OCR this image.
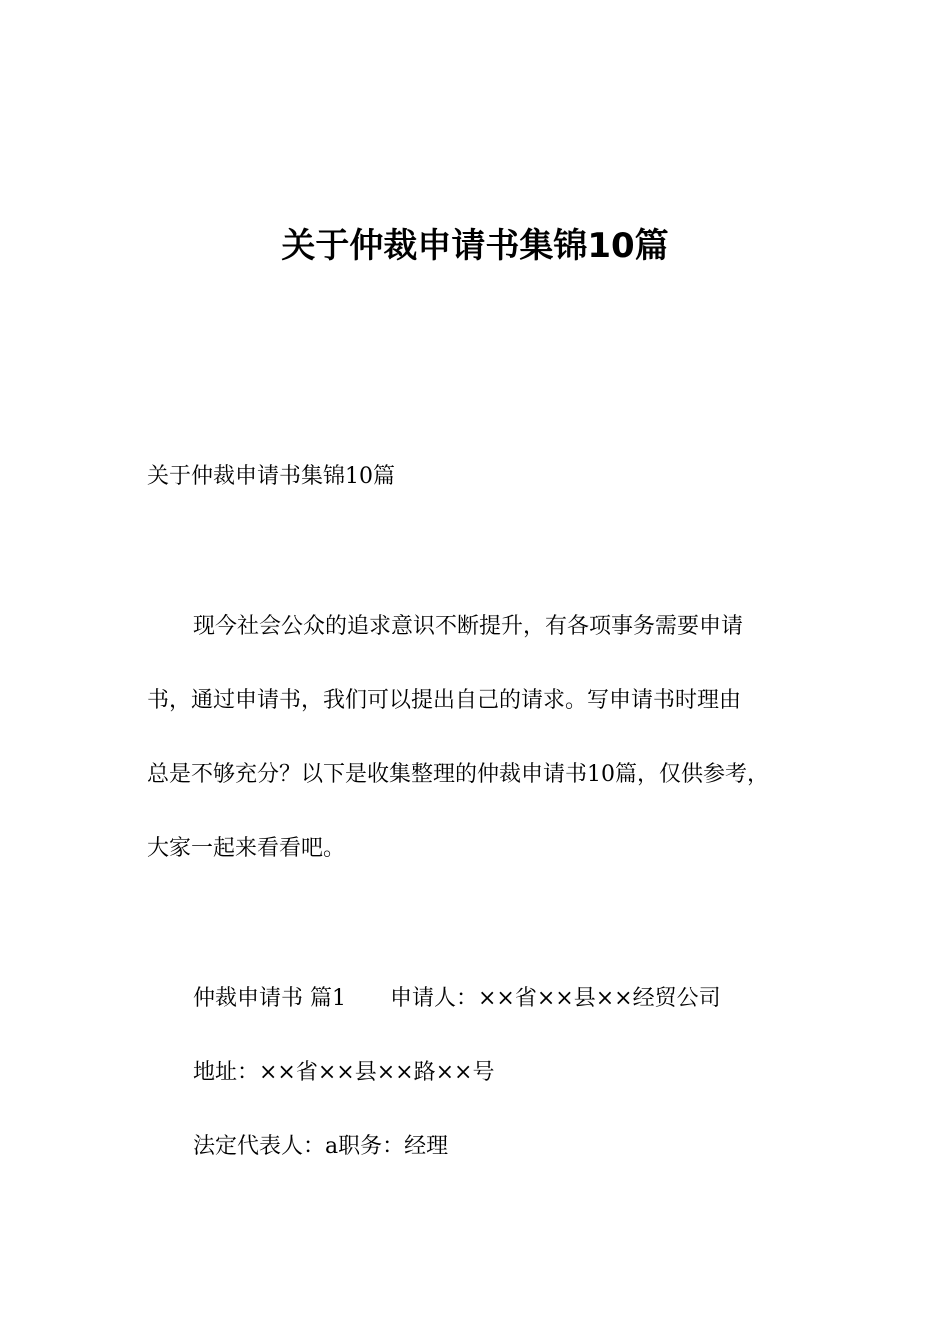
关于仲裁申请书集锦10篇
关于仲裁申请书集锦10篇
现今社会公众的追求意识不断提升，有各项事务需要申请
书，通过申请书，我们可以提出自己的请求。写申请书时理由
总是不够充分？以下是收集整理的仲裁申请书10篇，仅供参考，
大家一起来看看吧。
仲裁申请书 篇1 申请人：××省××县××经贸公司
地址：××省××县××路××号
法定代表人：a职务：经理
